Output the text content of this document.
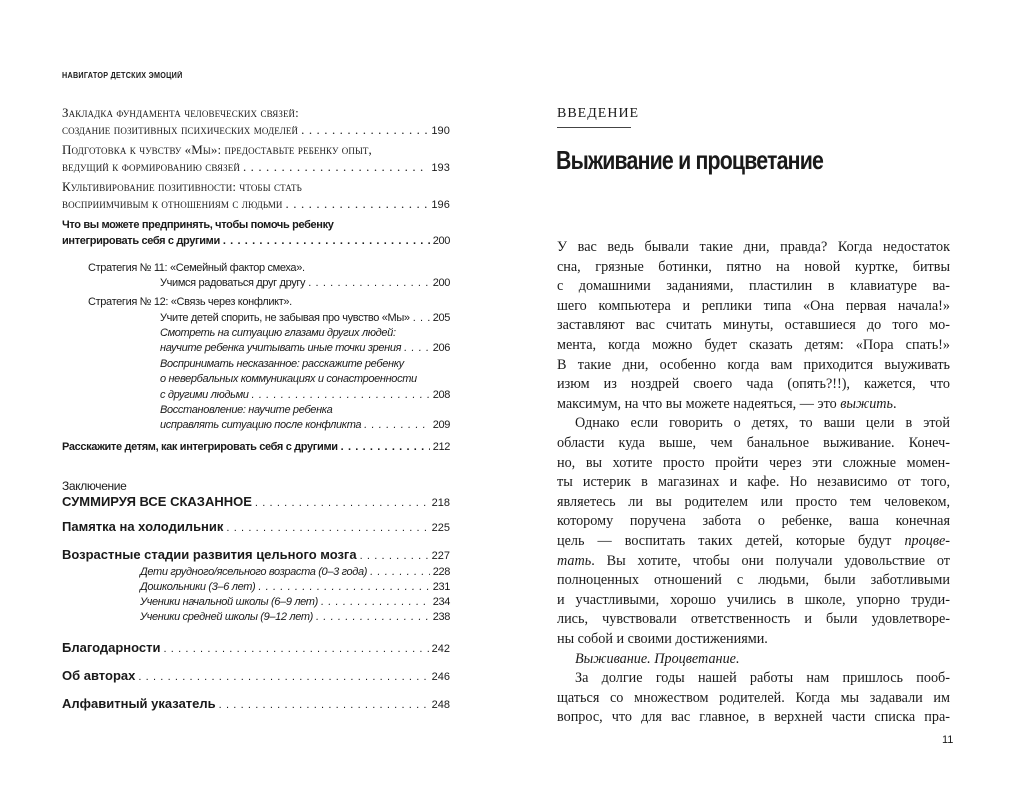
НАВИГАТОР ДЕТСКИХ ЭМОЦИЙ
Закладка фундамента человеческих связей:
создание позитивных психических моделей . . .	190
Подготовка к чувству «Мы»: предоставьте ребенку опыт,
ведущий к формированию связей . . .	193
Культивирование позитивности: чтобы стать
восприимчивым к отношениям с людьми . . .	196
Что вы можете предпринять, чтобы помочь ребенку
интегрировать себя с другими . . .	200
Стратегия № 11: «Семейный фактор смеха».
Учимся радоваться друг другу . . .	200
Стратегия № 12: «Связь через конфликт».
Учите детей спорить, не забывая про чувство «Мы» . . . 205
Смотреть на ситуацию глазами других людей:
научите ребенка учитывать иные точки зрения . . .	206
Воспринимать несказанное: расскажите ребенку
о невербальных коммуникациях и сонастроенности
с другими людьми . . .	208
Восстановление: научите ребенка
исправлять ситуацию после конфликта . . .	209
Расскажите детям, как интегрировать себя с другими . . .	212
Заключение
СУММИРУЯ ВСЕ СКАЗАННОЕ . . .	218
Памятка на холодильник . . .	225
Возрастные стадии развития цельного мозга . . .	227
Дети грудного/ясельного возраста (0–3 года) . . .	228
Дошкольники (3–6 лет) . . .	231
Ученики начальной школы (6–9 лет) . . .	234
Ученики средней школы (9–12 лет) . . .	238
Благодарности . . .	242
Об авторах . . .	246
Алфавитный указатель . . .	248
ВВЕДЕНИЕ
Выживание и процветание
У вас ведь бывали такие дни, правда? Когда недостаток
сна, грязные ботинки, пятно на новой куртке, битвы
с домашними заданиями, пластилин в клавиатуре ва-
шего компьютера и реплики типа «Она первая начала!»
заставляют вас считать минуты, оставшиеся до того мо-
мента, когда можно будет сказать детям: «Пора спать!»
В такие дни, особенно когда вам приходится выуживать
изюм из ноздрей своего чада (опять?!!), кажется, что
максимум, на что вы можете надеяться, — это выжить.
Однако если говорить о детях, то ваши цели в этой
области куда выше, чем банальное выживание. Конеч-
но, вы хотите просто пройти через эти сложные момен-
ты истерик в магазинах и кафе. Но независимо от того,
являетесь ли вы родителем или просто тем человеком,
которому поручена забота о ребенке, ваша конечная
цель — воспитать таких детей, которые будут процве-
тать. Вы хотите, чтобы они получали удовольствие от
полноценных отношений с людьми, были заботливыми
и участливыми, хорошо учились в школе, упорно труди-
лись, чувствовали ответственность и были удовлетворе-
ны собой и своими достижениями.
Выживание. Процветание.
За долгие годы нашей работы нам пришлось пооб-
щаться со множеством родителей. Когда мы задавали им
вопрос, что для вас главное, в верхней части списка пра-
11
